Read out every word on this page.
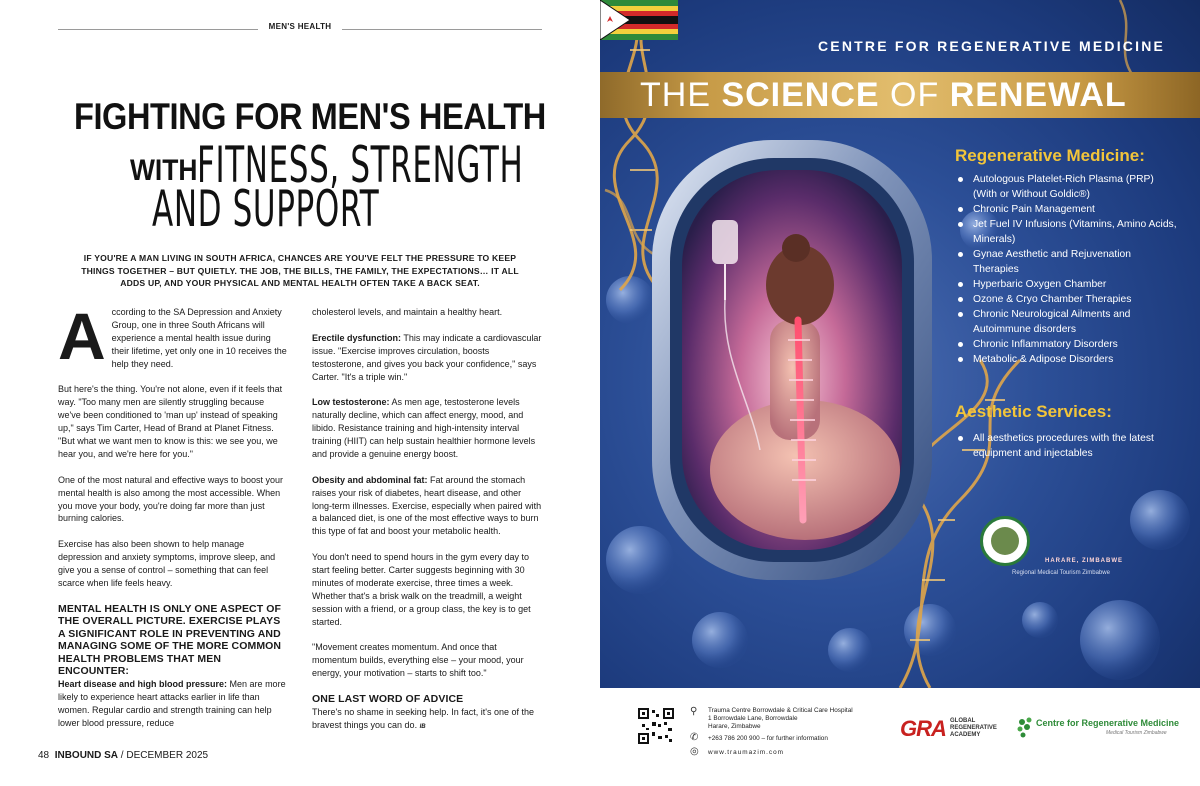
MEN'S HEALTH
FIGHTING FOR MEN'S HEALTH
WITHFITNESS, STRENGTH
AND SUPPORT
IF YOU'RE A MAN LIVING IN SOUTH AFRICA, CHANCES ARE YOU'VE FELT THE PRESSURE TO KEEP THINGS TOGETHER – BUT QUIETLY. THE JOB, THE BILLS, THE FAMILY, THE EXPECTATIONS… IT ALL ADDS UP, AND YOUR PHYSICAL AND MENTAL HEALTH OFTEN TAKE A BACK SEAT.

According to the SA Depression and Anxiety Group, one in three South Africans will experience a mental health issue during their lifetime, yet only one in 10 receives the help they need.

But here's the thing. You're not alone, even if it feels that way. "Too many men are silently struggling because we've been conditioned to 'man up' instead of speaking up," says Tim Carter, Head of Brand at Planet Fitness. "But what we want men to know is this: we see you, we hear you, and we're here for you."

One of the most natural and effective ways to boost your mental health is also among the most accessible. When you move your body, you're doing far more than just burning calories.

Exercise has also been shown to help manage depression and anxiety symptoms, improve sleep, and give you a sense of control – something that can feel scarce when life feels heavy.

MENTAL HEALTH IS ONLY ONE ASPECT OF THE OVERALL PICTURE. EXERCISE PLAYS A SIGNIFICANT ROLE IN PREVENTING AND MANAGING SOME OF THE MORE COMMON HEALTH PROBLEMS THAT MEN ENCOUNTER:

Heart disease and high blood pressure: Men are more likely to experience heart attacks earlier in life than women. Regular cardio and strength training can help lower blood pressure, reduce

cholesterol levels, and maintain a healthy heart.

Erectile dysfunction: This may indicate a cardiovascular issue. "Exercise improves circulation, boosts testosterone, and gives you back your confidence," says Carter. "It's a triple win."

Low testosterone: As men age, testosterone levels naturally decline, which can affect energy, mood, and libido. Resistance training and high-intensity interval training (HIIT) can help sustain healthier hormone levels and provide a genuine energy boost.

Obesity and abdominal fat: Fat around the stomach raises your risk of diabetes, heart disease, and other long-term illnesses. Exercise, especially when paired with a balanced diet, is one of the most effective ways to burn this type of fat and boost your metabolic health.

You don't need to spend hours in the gym every day to start feeling better. Carter suggests beginning with 30 minutes of moderate exercise, three times a week. Whether that's a brisk walk on the treadmill, a weight session with a friend, or a group class, the key is to get started.

"Movement creates momentum. And once that momentum builds, everything else – your mood, your energy, your motivation – starts to shift too."

ONE LAST WORD OF ADVICE

There's no shame in seeking help. In fact, it's one of the bravest things you can do. IB

48 INBOUND SA / DECEMBER 2025
CENTRE FOR REGENERATIVE MEDICINE
THE SCIENCE OF RENEWAL
Regenerative Medicine:
Autologous Platelet-Rich Plasma (PRP) (With or Without Goldic®)
Chronic Pain Management
Jet Fuel IV Infusions (Vitamins, Amino Acids, Minerals)
Gynae Aesthetic and Rejuvenation Therapies
Hyperbaric Oxygen Chamber
Ozone & Cryo Chamber Therapies
Chronic Neurological Ailments and Autoimmune disorders
Chronic Inflammatory Disorders
Metabolic & Adipose Disorders
Aesthetic Services:
All aesthetics procedures with the latest equipment and injectables
HARARE, ZIMBABWE
Regional Medical Tourism Zimbabwe
⚲ Trauma Centre Borrowdale & Critical Care Hospital
1 Borrowdale Lane, Borrowdale
Harare, Zimbabwe
✆ +263 786 200 900 – for further information
◎ www.traumazim.com
GRA GLOBAL
REGENERATIVE
ACADEMY
Centre for Regenerative Medicine
Medical Tourism Zimbabwe
